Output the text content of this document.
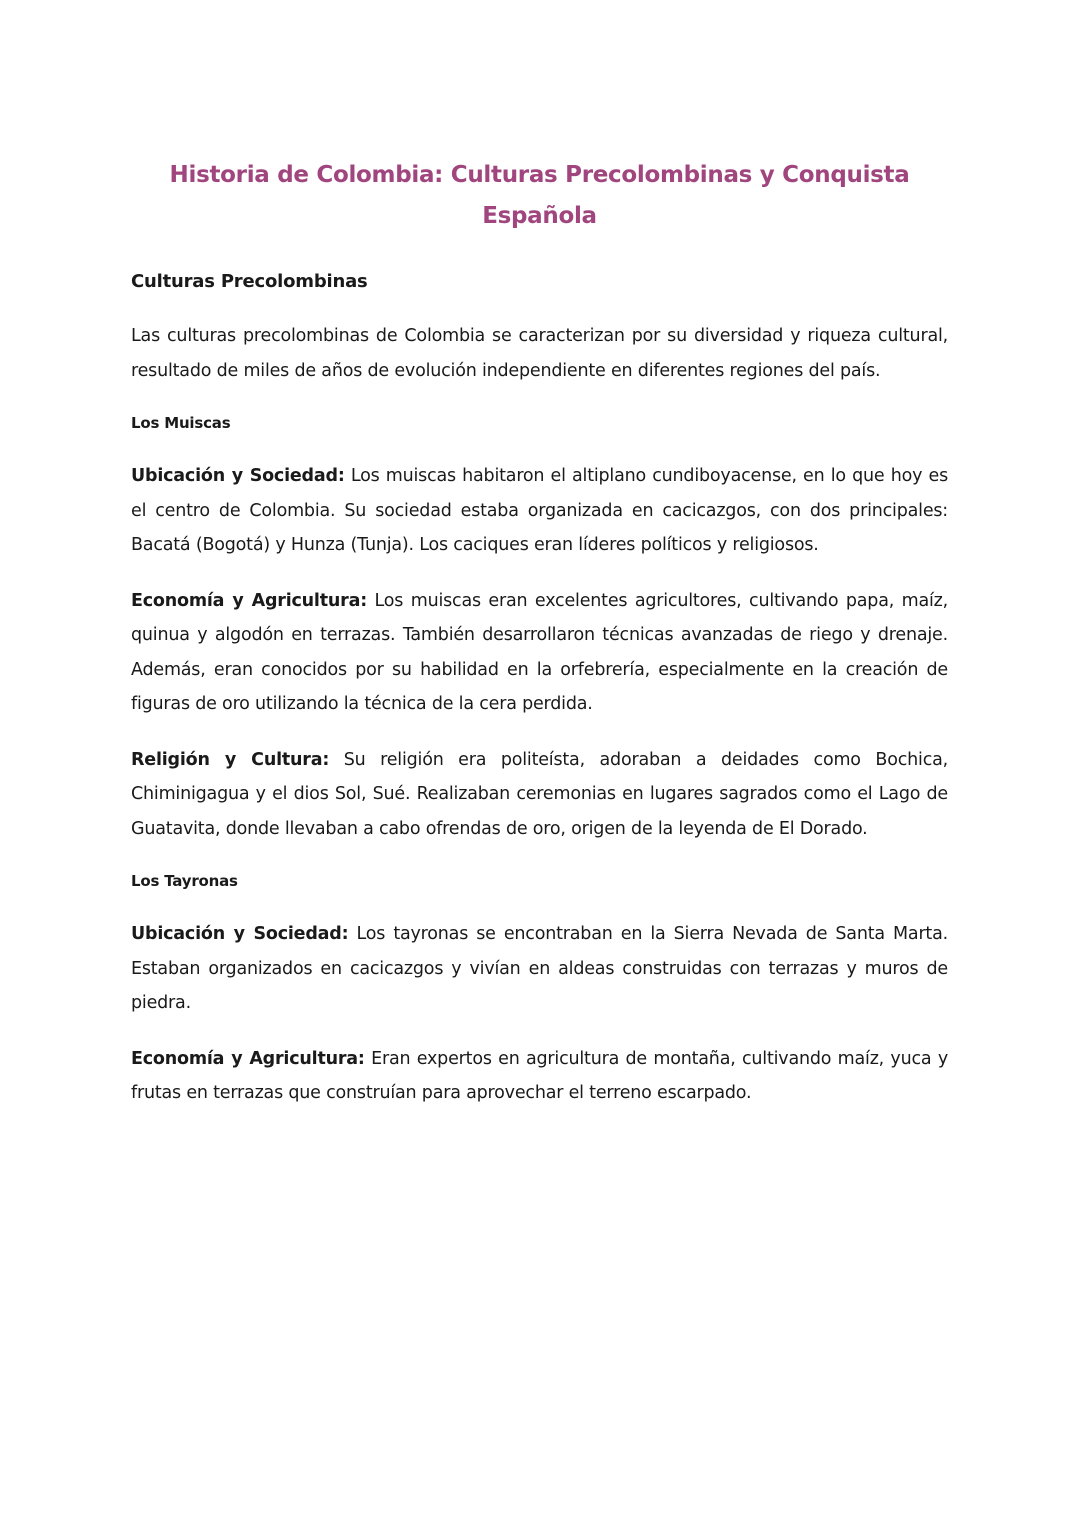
Historia de Colombia: Culturas Precolombinas y Conquista Española
Culturas Precolombinas

Las culturas precolombinas de Colombia se caracterizan por su diversidad y riqueza cultural, resultado de miles de años de evolución independiente en diferentes regiones del país.

Los Muiscas

Ubicación y Sociedad: Los muiscas habitaron el altiplano cundiboyacense, en lo que hoy es el centro de Colombia. Su sociedad estaba organizada en cacicazgos, con dos principales: Bacatá (Bogotá) y Hunza (Tunja). Los caciques eran líderes políticos y religiosos.

Economía y Agricultura: Los muiscas eran excelentes agricultores, cultivando papa, maíz, quinua y algodón en terrazas. También desarrollaron técnicas avanzadas de riego y drenaje. Además, eran conocidos por su habilidad en la orfebrería, especialmente en la creación de figuras de oro utilizando la técnica de la cera perdida.

Religión y Cultura: Su religión era politeísta, adoraban a deidades como Bochica, Chiminigagua y el dios Sol, Sué. Realizaban ceremonias en lugares sagrados como el Lago de Guatavita, donde llevaban a cabo ofrendas de oro, origen de la leyenda de El Dorado.

Los Tayronas

Ubicación y Sociedad: Los tayronas se encontraban en la Sierra Nevada de Santa Marta. Estaban organizados en cacicazgos y vivían en aldeas construidas con terrazas y muros de piedra.

Economía y Agricultura: Eran expertos en agricultura de montaña, cultivando maíz, yuca y frutas en terrazas que construían para aprovechar el terreno escarpado.
